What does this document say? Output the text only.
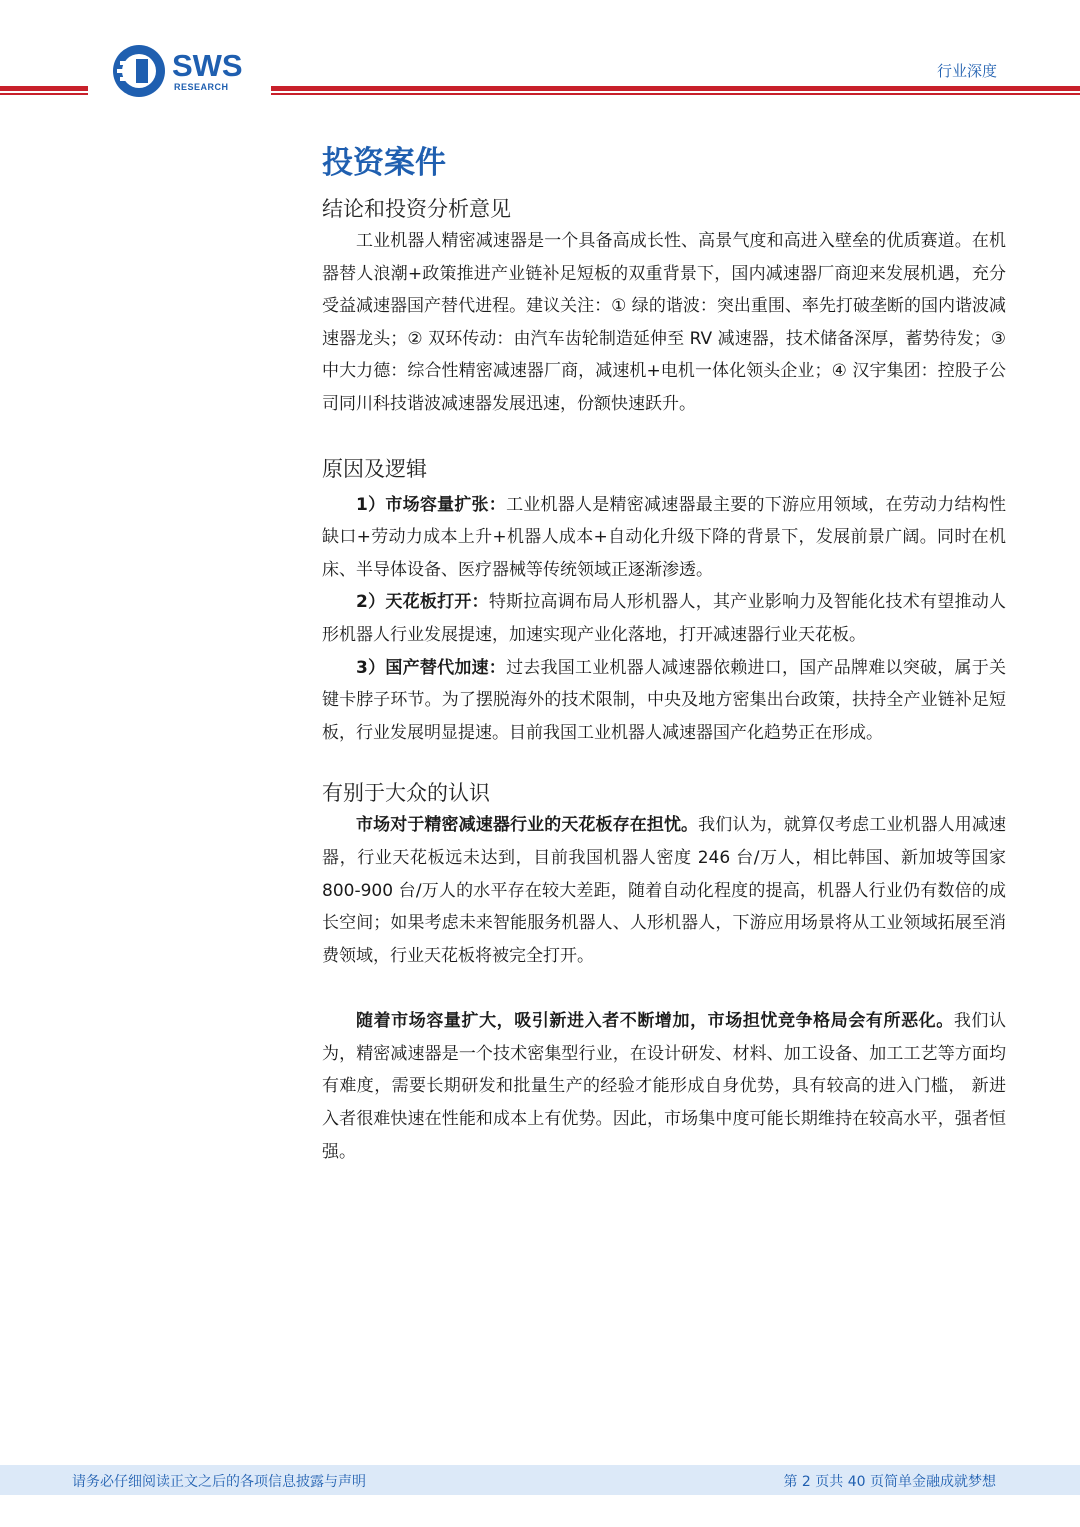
SWS
RESEARCH
行业深度
投资案件
结论和投资分析意见

工业机器人精密减速器是一个具备高成长性、高景气度和高进入壁垒的优质赛道。在机器替人浪潮+政策推进产业链补足短板的双重背景下，国内减速器厂商迎来发展机遇，充分受益减速器国产替代进程。建议关注：① 绿的谐波：突出重围、率先打破垄断的国内谐波减速器龙头；② 双环传动：由汽车齿轮制造延伸至 RV 减速器，技术储备深厚，蓄势待发；③ 中大力德：综合性精密减速器厂商，减速机+电机一体化领头企业；④ 汉宇集团：控股子公司同川科技谐波减速器发展迅速，份额快速跃升。

原因及逻辑

1）市场容量扩张：工业机器人是精密减速器最主要的下游应用领域，在劳动力结构性缺口+劳动力成本上升+机器人成本+自动化升级下降的背景下，发展前景广阔。同时在机床、半导体设备、医疗器械等传统领域正逐渐渗透。

2）天花板打开：特斯拉高调布局人形机器人，其产业影响力及智能化技术有望推动人形机器人行业发展提速，加速实现产业化落地，打开减速器行业天花板。

3）国产替代加速：过去我国工业机器人减速器依赖进口，国产品牌难以突破，属于关键卡脖子环节。为了摆脱海外的技术限制，中央及地方密集出台政策，扶持全产业链补足短板，行业发展明显提速。目前我国工业机器人减速器国产化趋势正在形成。

有别于大众的认识

市场对于精密减速器行业的天花板存在担忧。我们认为，就算仅考虑工业机器人用减速器，行业天花板远未达到，目前我国机器人密度 246 台/万人，相比韩国、新加坡等国家 800-900 台/万人的水平存在较大差距，随着自动化程度的提高，机器人行业仍有数倍的成长空间；如果考虑未来智能服务机器人、人形机器人，下游应用场景将从工业领域拓展至消费领域，行业天花板将被完全打开。

随着市场容量扩大，吸引新进入者不断增加，市场担忧竞争格局会有所恶化。我们认为，精密减速器是一个技术密集型行业，在设计研发、材料、加工设备、加工工艺等方面均有难度，需要长期研发和批量生产的经验才能形成自身优势，具有较高的进入门槛， 新进入者很难快速在性能和成本上有优势。因此，市场集中度可能长期维持在较高水平，强者恒强。

请务必仔细阅读正文之后的各项信息披露与声明	第 2 页共 40 页简单金融成就梦想
